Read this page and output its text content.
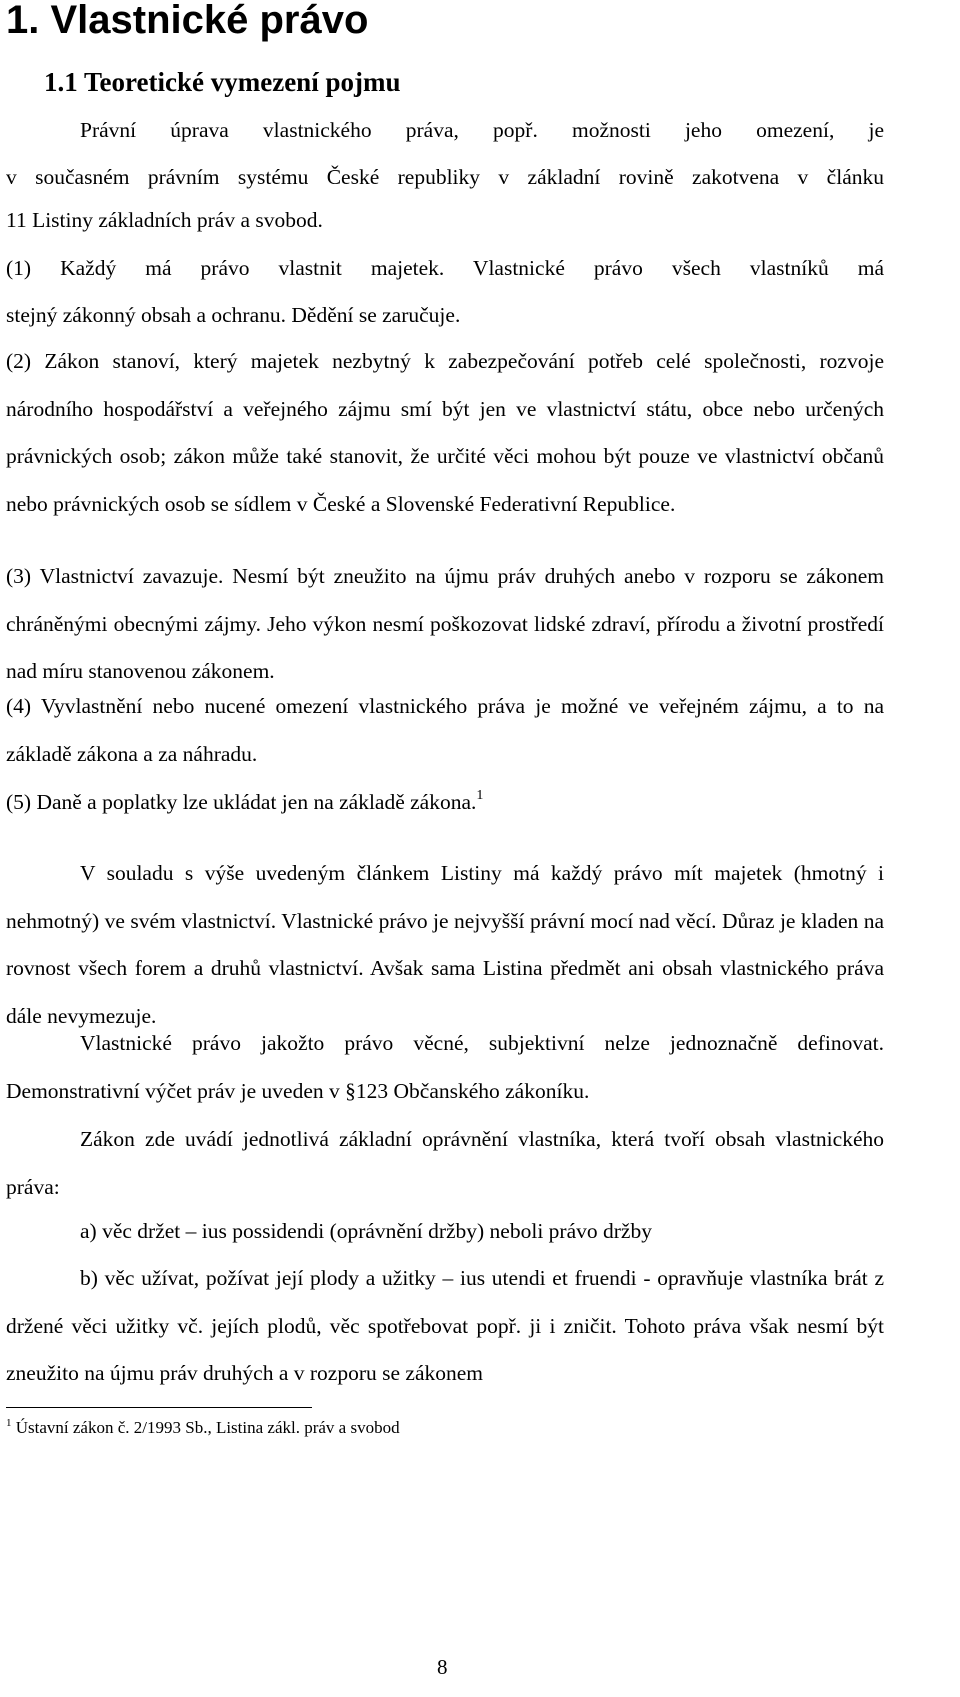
1. Vlastnické právo
1.1 Teoretické vymezení pojmu
Právní úprava vlastnického práva, popř. možnosti jeho omezení, je
v současném právním systému České republiky v základní rovině zakotvena v článku
11 Listiny základních práv a svobod.
(1) Každý má právo vlastnit majetek. Vlastnické právo všech vlastníků má
stejný zákonný obsah a ochranu. Dědění se zaručuje.

(2) Zákon stanoví, který majetek nezbytný k zabezpečování potřeb celé společnosti, rozvoje národního hospodářství a veřejného zájmu smí být jen ve vlastnictví státu, obce nebo určených právnických osob; zákon může také stanovit, že určité věci mohou být pouze ve vlastnictví občanů nebo právnických osob se sídlem v České a Slovenské Federativní Republice.

(3) Vlastnictví zavazuje. Nesmí být zneužito na újmu práv druhých anebo v rozporu se zákonem chráněnými obecnými zájmy. Jeho výkon nesmí poškozovat lidské zdraví, přírodu a životní prostředí nad míru stanovenou zákonem.

(4) Vyvlastnění nebo nucené omezení vlastnického práva je možné ve veřejném zájmu, a to na základě zákona a za náhradu.

(5) Daně a poplatky lze ukládat jen na základě zákona.$^1$

V souladu s výše uvedeným článkem Listiny má každý právo mít majetek (hmotný i nehmotný) ve svém vlastnictví. Vlastnické právo je nejvyšší právní mocí nad věcí. Důraz je kladen na rovnost všech forem a druhů vlastnictví. Avšak sama Listina předmět ani obsah vlastnického práva dále nevymezuje.

Vlastnické právo jakožto právo věcné, subjektivní nelze jednoznačně definovat. Demonstrativní výčet práv je uveden v §123 Občanského zákoníku.

Zákon zde uvádí jednotlivá základní oprávnění vlastníka, která tvoří obsah vlastnického práva:

a) věc držet – ius possidendi (oprávnění držby) neboli právo držby

b) věc užívat, požívat její plody a užitky – ius utendi et fruendi - opravňuje vlastníka brát z držené věci užitky vč. jejích plodů, věc spotřebovat popř. ji i zničit. Tohoto práva však nesmí být zneužito na újmu práv druhých a v rozporu se zákonem

$^1$ Ústavní zákon č. 2/1993 Sb., Listina zákl. práv a svobod
8
